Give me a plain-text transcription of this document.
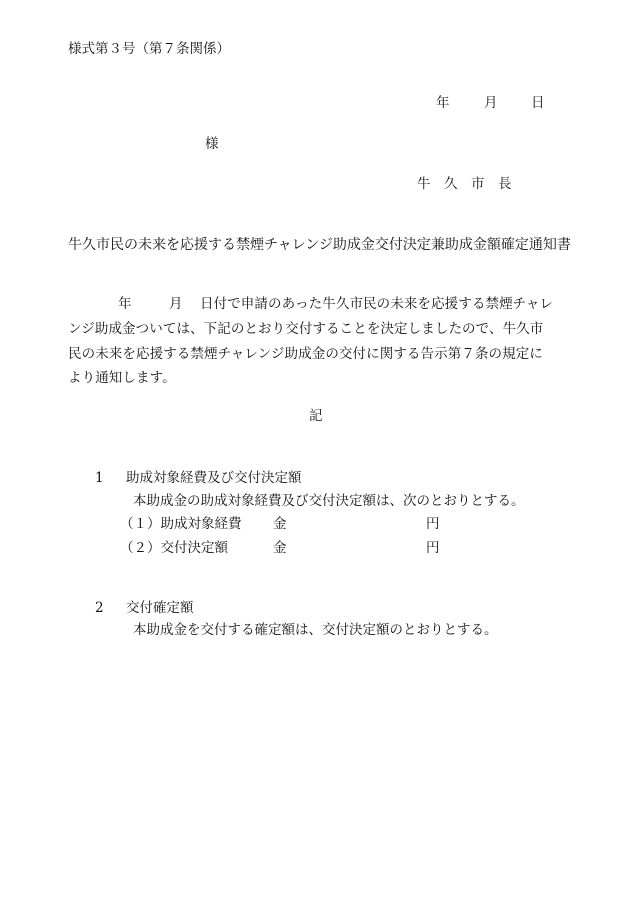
様式第３号（第７条関係）
年	月 日
様
牛　久　市　長
牛久市民の未来を応援する禁煙チャレンジ助成金交付決定兼助成金額確定通知書
年	月 日付で申請のあった牛久市民の未来を応援する禁煙チャレ
ンジ助成金ついては、下記のとおり交付することを決定しましたので、牛久市
民の未来を応援する禁煙チャレンジ助成金の交付に関する告示第７条の規定に
より通知します。
記
1 助成対象経費及び交付決定額
本助成金の助成対象経費及び交付決定額は、次のとおりとする。
（１）助成対象経費 金	円
（２）交付決定額	金	円
2 交付確定額
本助成金を交付する確定額は、交付決定額のとおりとする。
